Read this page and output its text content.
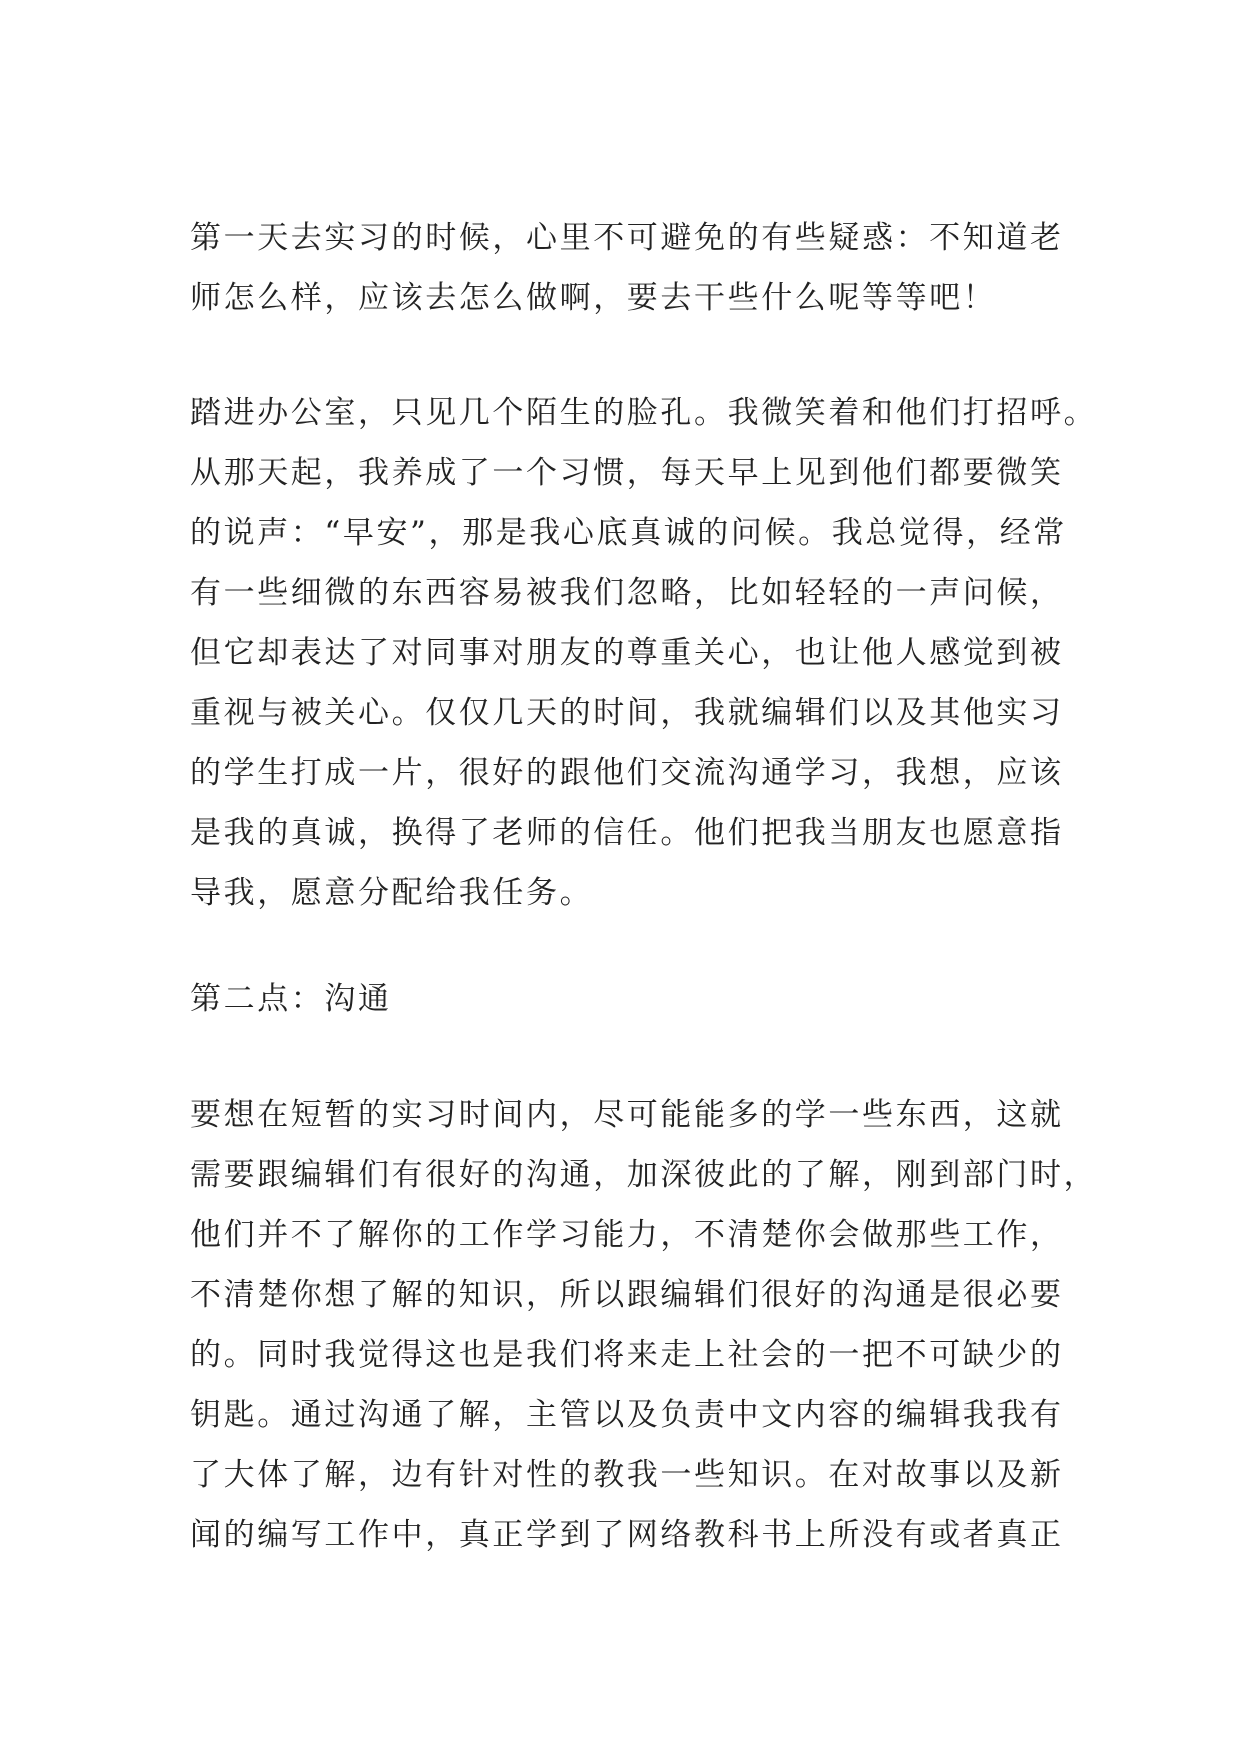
第一天去实习的时候，心里不可避免的有些疑惑：不知道老
师怎么样，应该去怎么做啊，要去干些什么呢等等吧！
踏进办公室，只见几个陌生的脸孔。我微笑着和他们打招呼。
从那天起，我养成了一个习惯，每天早上见到他们都要微笑
的说声：“早安”，那是我心底真诚的问候。我总觉得，经常
有一些细微的东西容易被我们忽略，比如轻轻的一声问候，
但它却表达了对同事对朋友的尊重关心，也让他人感觉到被
重视与被关心。仅仅几天的时间，我就编辑们以及其他实习
的学生打成一片，很好的跟他们交流沟通学习，我想，应该
是我的真诚，换得了老师的信任。他们把我当朋友也愿意指
导我，愿意分配给我任务。
第二点：沟通
要想在短暂的实习时间内，尽可能能多的学一些东西，这就
需要跟编辑们有很好的沟通，加深彼此的了解，刚到部门时，
他们并不了解你的工作学习能力，不清楚你会做那些工作，
不清楚你想了解的知识，所以跟编辑们很好的沟通是很必要
的。同时我觉得这也是我们将来走上社会的一把不可缺少的
钥匙。通过沟通了解，主管以及负责中文内容的编辑我我有
了大体了解，边有针对性的教我一些知识。在对故事以及新
闻的编写工作中，真正学到了网络教科书上所没有或者真正
